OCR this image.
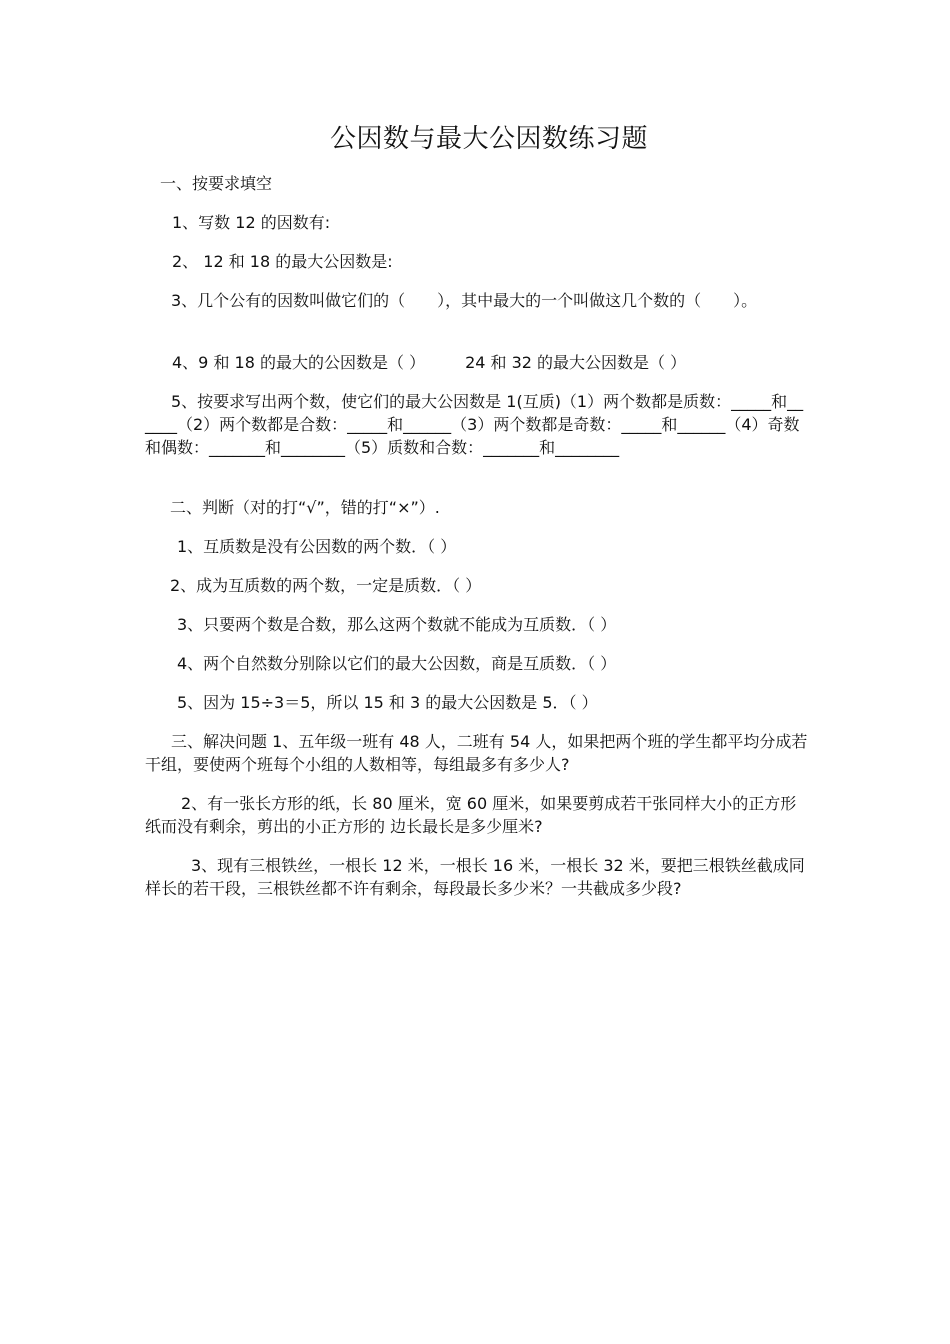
公因数与最大公因数练习题
一、按要求填空
1、写数 12 的因数有:
2、 12 和 18 的最大公因数是:
3、几个公有的因数叫做它们的（　　），其中最大的一个叫做这几个数的（　　）。
4、9 和 18 的最大的公因数是（ ）　　　24 和 32 的最大公因数是（ ）
5、按要求写出两个数，使它们的最大公因数是 1(互质)（1）两个数都是质数：_____和______（2）两个数都是合数：_____和______（3）两个数都是奇数：_____和______（4）奇数和偶数：_______和________（5）质数和合数：_______和________
二、判断（对的打“√”，错的打“×”）.
1、互质数是没有公因数的两个数．（ ）
2、成为互质数的两个数，一定是质数．（ ）
3、只要两个数是合数，那么这两个数就不能成为互质数．（ ）
4、两个自然数分别除以它们的最大公因数，商是互质数．（ ）
5、因为 15÷3＝5，所以 15 和 3 的最大公因数是 5．（ ）
三、解决问题 1、五年级一班有 48 人，二班有 54 人，如果把两个班的学生都平均分成若干组，要使两个班每个小组的人数相等，每组最多有多少人?
2、有一张长方形的纸，长 80 厘米，宽 60 厘米，如果要剪成若干张同样大小的正方形纸而没有剩余，剪出的小正方形的 边长最长是多少厘米?
3、现有三根铁丝，一根长 12 米，一根长 16 米，一根长 32 米，要把三根铁丝截成同样长的若干段，三根铁丝都不许有剩余，每段最长多少米？一共截成多少段?
